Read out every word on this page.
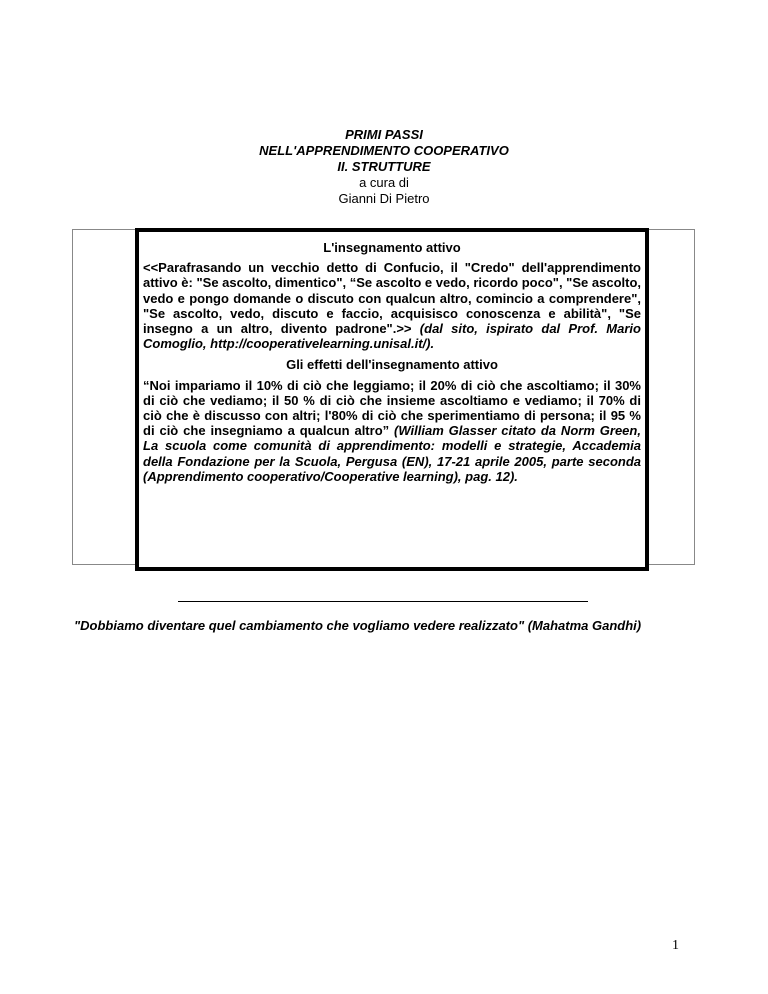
PRIMI PASSI
NELL'APPRENDIMENTO COOPERATIVO
II. STRUTTURE
a cura di
Gianni Di Pietro
L'insegnamento attivo
<<Parafrasando un vecchio detto di Confucio, il "Credo" dell'apprendimento attivo è: "Se ascolto, dimentico", “Se ascolto e vedo, ricordo poco", "Se ascolto, vedo e pongo domande o discuto con qualcun altro, comincio a comprendere", "Se ascolto, vedo, discuto e faccio, acquisisco conoscenza e abilità", "Se insegno a un altro, divento padrone".>> (dal sito, ispirato dal Prof. Mario Comoglio, http://cooperativelearning.unisal.it/).
Gli effetti dell'insegnamento attivo
“Noi impariamo il 10% di ciò che leggiamo; il 20% di ciò che ascoltiamo; il 30% di ciò che vediamo; il 50 % di ciò che insieme ascoltiamo e vediamo; il 70% di ciò che è discusso con altri; l'80% di ciò che sperimentiamo di persona; il 95 % di ciò che insegniamo a qualcun altro” (William Glasser citato da Norm Green, La scuola come comunità di apprendimento: modelli e strategie, Accademia della Fondazione per la Scuola, Pergusa (EN), 17-21 aprile 2005, parte seconda (Apprendimento cooperativo/Cooperative learning), pag. 12).
"Dobbiamo diventare quel cambiamento che vogliamo vedere realizzato" (Mahatma Gandhi)
1
